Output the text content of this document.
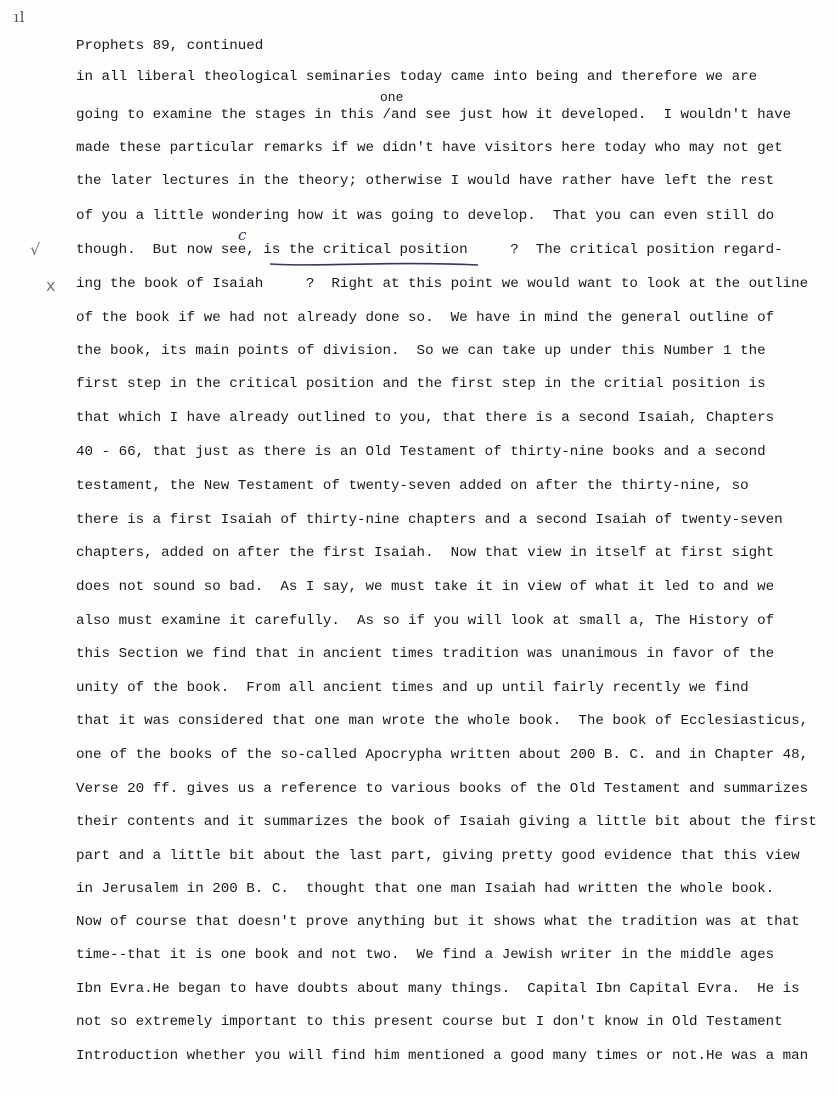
ıl
√
x
Prophets 89, continued
one
c
in all liberal theological seminaries today came into being and therefore we are
going to examine the stages in this /and see just how it developed.  I wouldn't have
made these particular remarks if we didn't have visitors here today who may not get
the later lectures in the theory; otherwise I would have rather have left the rest
of you a little wondering how it was going to develop.  That you can even still do
though.  But now see, is the critical position     ?  The critical position regard-
ing the book of Isaiah     ?  Right at this point we would want to look at the outline
of the book if we had not already done so.  We have in mind the general outline of
the book, its main points of division.  So we can take up under this Number 1 the
first step in the critical position and the first step in the critial position is
that which I have already outlined to you, that there is a second Isaiah, Chapters
40 - 66, that just as there is an Old Testament of thirty-nine books and a second
testament, the New Testament of twenty-seven added on after the thirty-nine, so
there is a first Isaiah of thirty-nine chapters and a second Isaiah of twenty-seven
chapters, added on after the first Isaiah.  Now that view in itself at first sight
does not sound so bad.  As I say, we must take it in view of what it led to and we
also must examine it carefully.  As so if you will look at small a, The History of
this Section we find that in ancient times tradition was unanimous in favor of the
unity of the book.  From all ancient times and up until fairly recently we find
that it was considered that one man wrote the whole book.  The book of Ecclesiasticus,
one of the books of the so-called Apocrypha written about 200 B. C. and in Chapter 48,
Verse 20 ff. gives us a reference to various books of the Old Testament and summarizes
their contents and it summarizes the book of Isaiah giving a little bit about the first
part and a little bit about the last part, giving pretty good evidence that this view
in Jerusalem in 200 B. C.  thought that one man Isaiah had written the whole book.
Now of course that doesn't prove anything but it shows what the tradition was at that
time--that it is one book and not two.  We find a Jewish writer in the middle ages
Ibn Evra.He began to have doubts about many things.  Capital Ibn Capital Evra.  He is
not so extremely important to this present course but I don't know in Old Testament
Introduction whether you will find him mentioned a good many times or not.He was a man
